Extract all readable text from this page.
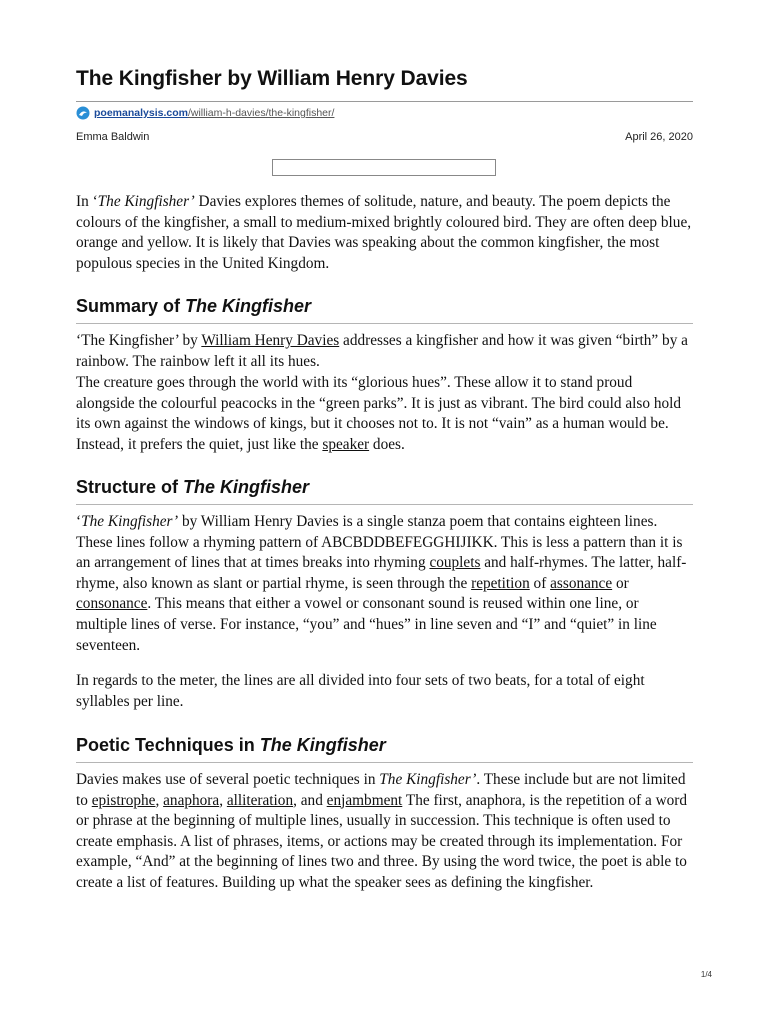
The Kingfisher by William Henry Davies
poemanalysis.com /william-h-davies/the-kingfisher/
Emma Baldwin	April 26, 2020

In ‘The Kingfisher’ Davies explores themes of solitude, nature, and beauty. The poem depicts the colours of the kingfisher, a small to medium-mixed brightly coloured bird. They are often deep blue, orange and yellow. It is likely that Davies was speaking about the common kingfisher, the most populous species in the United Kingdom.

Summary of The Kingfisher

‘The Kingfisher’ by William Henry Davies addresses a kingfisher and how it was given “birth” by a rainbow. The rainbow left it all its hues.

The creature goes through the world with its “glorious hues”. These allow it to stand proud alongside the colourful peacocks in the “green parks”. It is just as vibrant. The bird could also hold its own against the windows of kings, but it chooses not to. It is not “vain” as a human would be. Instead, it prefers the quiet, just like the speaker does.

Structure of The Kingfisher

‘The Kingfisher’ by William Henry Davies is a single stanza poem that contains eighteen lines. These lines follow a rhyming pattern of ABCBDDBEFEGGHIJIKK. This is less a pattern than it is an arrangement of lines that at times breaks into rhyming couplets and half-rhymes. The latter, half-rhyme, also known as slant or partial rhyme, is seen through the repetition of assonance or consonance. This means that either a vowel or consonant sound is reused within one line, or multiple lines of verse. For instance, “you” and “hues” in line seven and “I” and “quiet” in line seventeen.

In regards to the meter, the lines are all divided into four sets of two beats, for a total of eight syllables per line.

Poetic Techniques in The Kingfisher

Davies makes use of several poetic techniques in The Kingfisher’. These include but are not limited to epistrophe, anaphora, alliteration, and enjambment The first, anaphora, is the repetition of a word or phrase at the beginning of multiple lines, usually in succession. This technique is often used to create emphasis. A list of phrases, items, or actions may be created through its implementation. For example, “And” at the beginning of lines two and three. By using the word twice, the poet is able to create a list of features. Building up what the speaker sees as defining the kingfisher.

1/4
